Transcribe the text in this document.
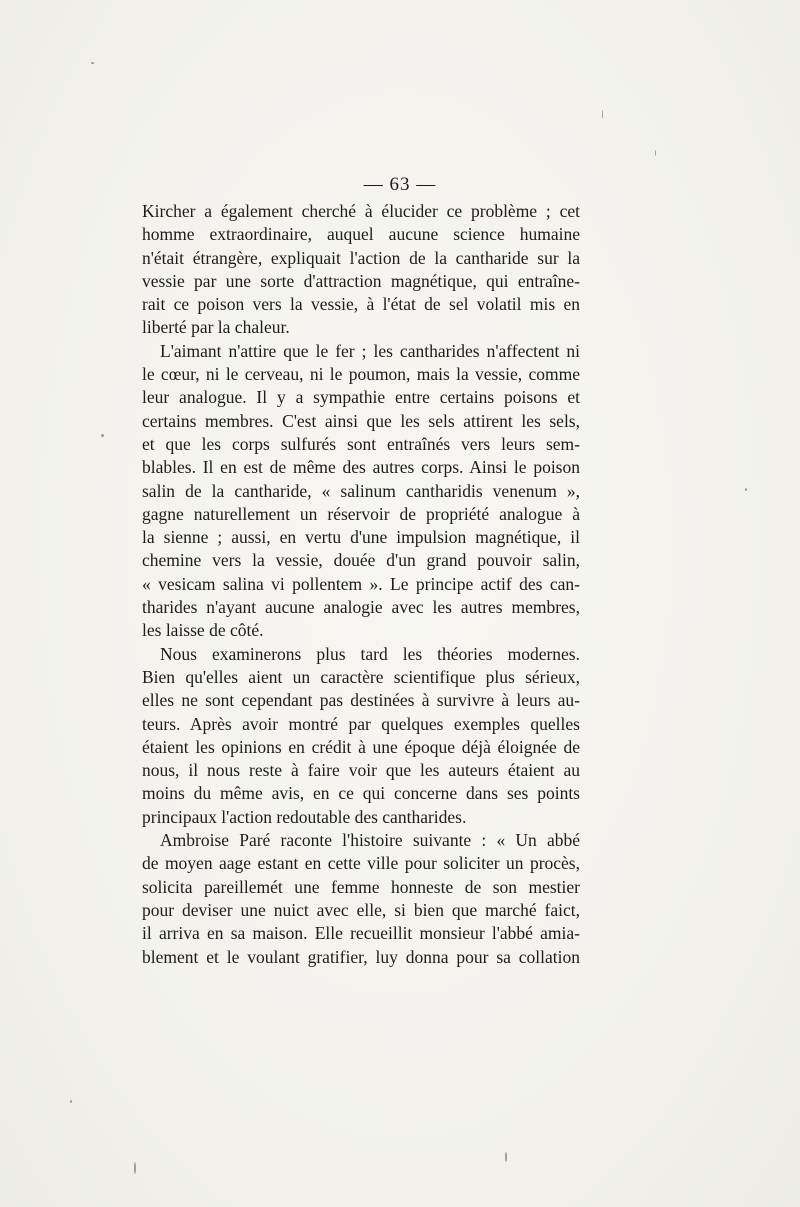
— 63 —
Kircher a également cherché à élucider ce problème ; cet
homme extraordinaire, auquel aucune science humaine
n'était étrangère, expliquait l'action de la cantharide sur la
vessie par une sorte d'attraction magnétique, qui entraîne-
rait ce poison vers la vessie, à l'état de sel volatil mis en
liberté par la chaleur.
L'aimant n'attire que le fer ; les cantharides n'affectent ni
le cœur, ni le cerveau, ni le poumon, mais la vessie, comme
leur analogue. Il y a sympathie entre certains poisons et
certains membres. C'est ainsi que les sels attirent les sels,
et que les corps sulfurés sont entraînés vers leurs sem-
blables. Il en est de même des autres corps. Ainsi le poison
salin de la cantharide, « salinum cantharidis venenum »,
gagne naturellement un réservoir de propriété analogue à
la sienne ; aussi, en vertu d'une impulsion magnétique, il
chemine vers la vessie, douée d'un grand pouvoir salin,
« vesicam salina vi pollentem ». Le principe actif des can-
tharides n'ayant aucune analogie avec les autres membres,
les laisse de côté.
Nous examinerons plus tard les théories modernes.
Bien qu'elles aient un caractère scientifique plus sérieux,
elles ne sont cependant pas destinées à survivre à leurs au-
teurs. Après avoir montré par quelques exemples quelles
étaient les opinions en crédit à une époque déjà éloignée de
nous, il nous reste à faire voir que les auteurs étaient au
moins du même avis, en ce qui concerne dans ses points
principaux l'action redoutable des cantharides.
Ambroise Paré raconte l'histoire suivante : « Un abbé
de moyen aage estant en cette ville pour soliciter un procès,
solicita pareillemét une femme honneste de son mestier
pour deviser une nuict avec elle, si bien que marché faict,
il arriva en sa maison. Elle recueillit monsieur l'abbé amia-
blement et le voulant gratifier, luy donna pour sa collation
